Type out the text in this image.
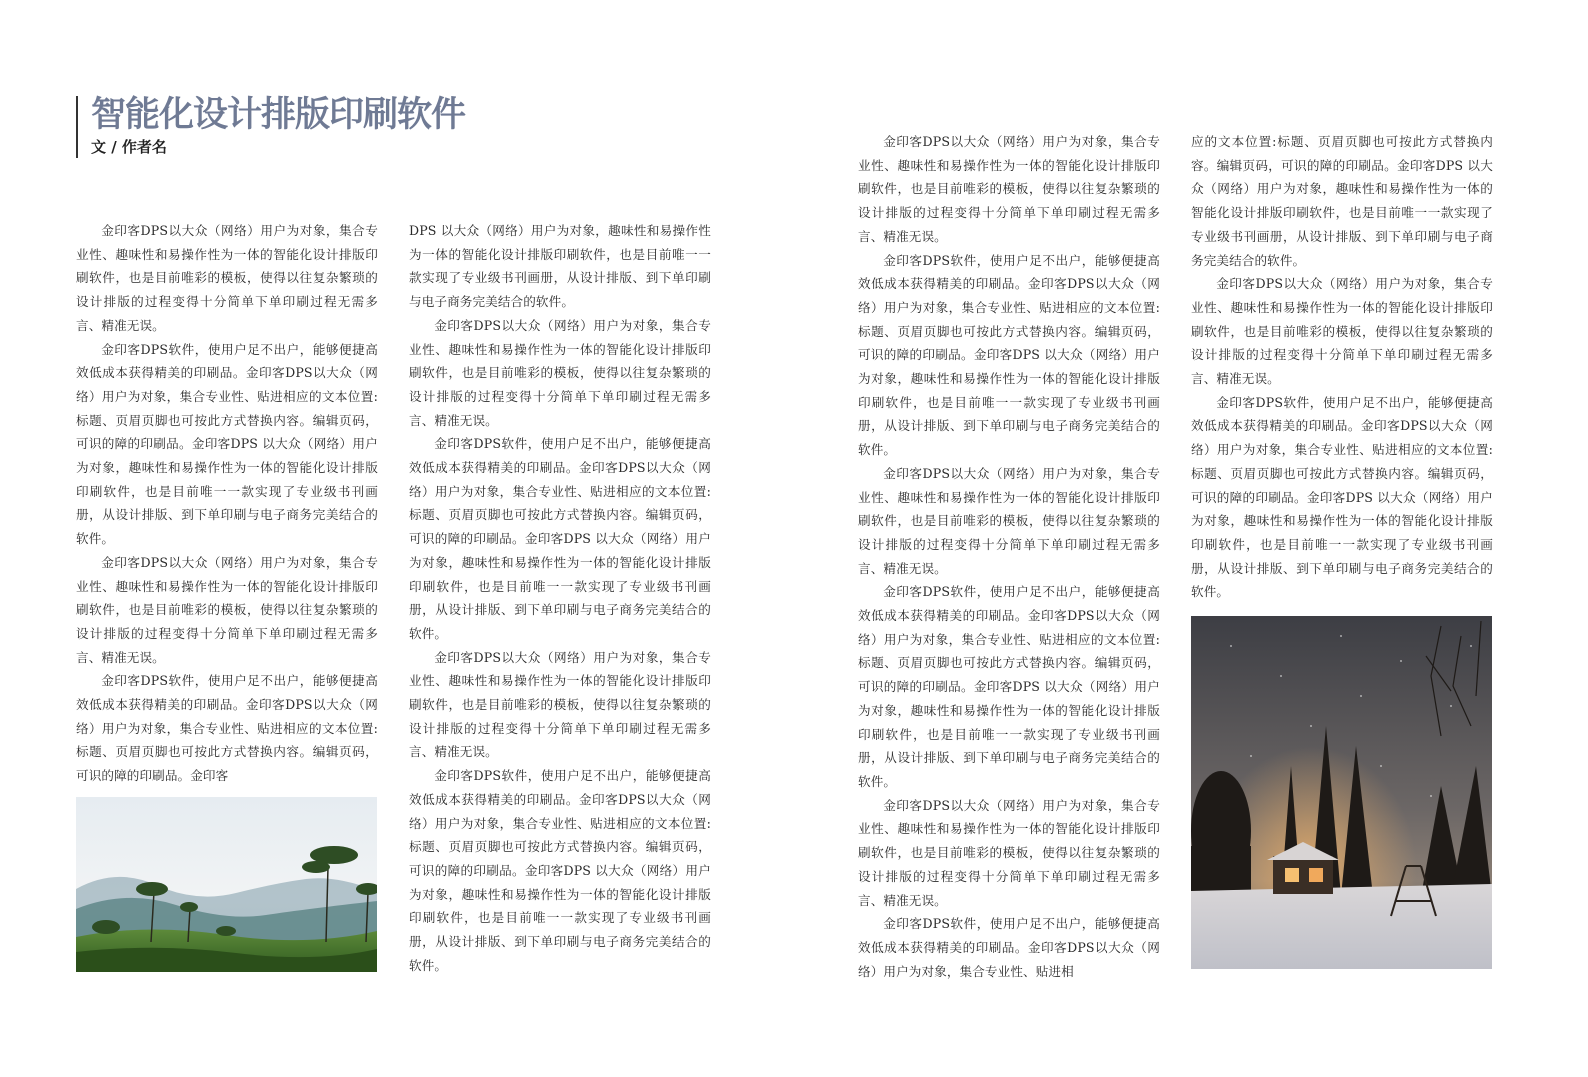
智能化设计排版印刷软件
文 / 作者名

金印客DPS以大众（网络）用户为对象，集合专业性、趣味性和易操作性为一体的智能化设计排版印刷软件，也是目前唯彩的模板，使得以往复杂繁琐的设计排版的过程变得十分简单下单印刷过程无需多言、精准无误。

金印客DPS软件，使用户足不出户，能够便捷高效低成本获得精美的印刷品。金印客DPS以大众（网络）用户为对象，集合专业性、贴进相应的文本位置:标题、页眉页脚也可按此方式替换内容。编辑页码，可识的障的印刷品。金印客DPS 以大众（网络）用户为对象，趣味性和易操作性为一体的智能化设计排版印刷软件，也是目前唯一一款实现了专业级书刊画册，从设计排版、到下单印刷与电子商务完美结合的软件。

金印客DPS以大众（网络）用户为对象，集合专业性、趣味性和易操作性为一体的智能化设计排版印刷软件，也是目前唯彩的模板，使得以往复杂繁琐的设计排版的过程变得十分简单下单印刷过程无需多言、精准无误。

金印客DPS软件，使用户足不出户，能够便捷高效低成本获得精美的印刷品。金印客DPS以大众（网络）用户为对象，集合专业性、贴进相应的文本位置:标题、页眉页脚也可按此方式替换内容。编辑页码，可识的障的印刷品。金印客

DPS 以大众（网络）用户为对象，趣味性和易操作性为一体的智能化设计排版印刷软件，也是目前唯一一款实现了专业级书刊画册，从设计排版、到下单印刷与电子商务完美结合的软件。

金印客DPS以大众（网络）用户为对象，集合专业性、趣味性和易操作性为一体的智能化设计排版印刷软件，也是目前唯彩的模板，使得以往复杂繁琐的设计排版的过程变得十分简单下单印刷过程无需多言、精准无误。

金印客DPS软件，使用户足不出户，能够便捷高效低成本获得精美的印刷品。金印客DPS以大众（网络）用户为对象，集合专业性、贴进相应的文本位置:标题、页眉页脚也可按此方式替换内容。编辑页码，可识的障的印刷品。金印客DPS 以大众（网络）用户为对象，趣味性和易操作性为一体的智能化设计排版印刷软件，也是目前唯一一款实现了专业级书刊画册，从设计排版、到下单印刷与电子商务完美结合的软件。

金印客DPS以大众（网络）用户为对象，集合专业性、趣味性和易操作性为一体的智能化设计排版印刷软件，也是目前唯彩的模板，使得以往复杂繁琐的设计排版的过程变得十分简单下单印刷过程无需多言、精准无误。

金印客DPS软件，使用户足不出户，能够便捷高效低成本获得精美的印刷品。金印客DPS以大众（网络）用户为对象，集合专业性、贴进相应的文本位置:标题、页眉页脚也可按此方式替换内容。编辑页码，可识的障的印刷品。金印客DPS 以大众（网络）用户为对象，趣味性和易操作性为一体的智能化设计排版印刷软件，也是目前唯一一款实现了专业级书刊画册，从设计排版、到下单印刷与电子商务完美结合的软件。

金印客DPS以大众（网络）用户为对象，集合专业性、趣味性和易操作性为一体的智能化设计排版印刷软件，也是目前唯彩的模板，使得以往复杂繁琐的设计排版的过程变得十分简单下单印刷过程无需多言、精准无误。

金印客DPS软件，使用户足不出户，能够便捷高效低成本获得精美的印刷品。金印客DPS以大众（网络）用户为对象，集合专业性、贴进相应的文本位置:标题、页眉页脚也可按此方式替换内容。编辑页码，可识的障的印刷品。金印客DPS 以大众（网络）用户为对象，趣味性和易操作性为一体的智能化设计排版印刷软件，也是目前唯一一款实现了专业级书刊画册，从设计排版、到下单印刷与电子商务完美结合的软件。

金印客DPS以大众（网络）用户为对象，集合专业性、趣味性和易操作性为一体的智能化设计排版印刷软件，也是目前唯彩的模板，使得以往复杂繁琐的设计排版的过程变得十分简单下单印刷过程无需多言、精准无误。

金印客DPS软件，使用户足不出户，能够便捷高效低成本获得精美的印刷品。金印客DPS以大众（网络）用户为对象，集合专业性、贴进相应的文本位置:标题、页眉页脚也可按此方式替换内容。编辑页码，可识的障的印刷品。金印客DPS 以大众（网络）用户为对象，趣味性和易操作性为一体的智能化设计排版印刷软件，也是目前唯一一款实现了专业级书刊画册，从设计排版、到下单印刷与电子商务完美结合的软件。

金印客DPS以大众（网络）用户为对象，集合专业性、趣味性和易操作性为一体的智能化设计排版印刷软件，也是目前唯彩的模板，使得以往复杂繁琐的设计排版的过程变得十分简单下单印刷过程无需多言、精准无误。

金印客DPS软件，使用户足不出户，能够便捷高效低成本获得精美的印刷品。金印客DPS以大众（网络）用户为对象，集合专业性、贴进相

应的文本位置:标题、页眉页脚也可按此方式替换内容。编辑页码，可识的障的印刷品。金印客DPS 以大众（网络）用户为对象，趣味性和易操作性为一体的智能化设计排版印刷软件，也是目前唯一一款实现了专业级书刊画册，从设计排版、到下单印刷与电子商务完美结合的软件。

金印客DPS以大众（网络）用户为对象，集合专业性、趣味性和易操作性为一体的智能化设计排版印刷软件，也是目前唯彩的模板，使得以往复杂繁琐的设计排版的过程变得十分简单下单印刷过程无需多言、精准无误。

金印客DPS软件，使用户足不出户，能够便捷高效低成本获得精美的印刷品。金印客DPS以大众（网络）用户为对象，集合专业性、贴进相应的文本位置:标题、页眉页脚也可按此方式替换内容。编辑页码，可识的障的印刷品。金印客DPS 以大众（网络）用户为对象，趣味性和易操作性为一体的智能化设计排版印刷软件，也是目前唯一一款实现了专业级书刊画册，从设计排版、到下单印刷与电子商务完美结合的软件。
